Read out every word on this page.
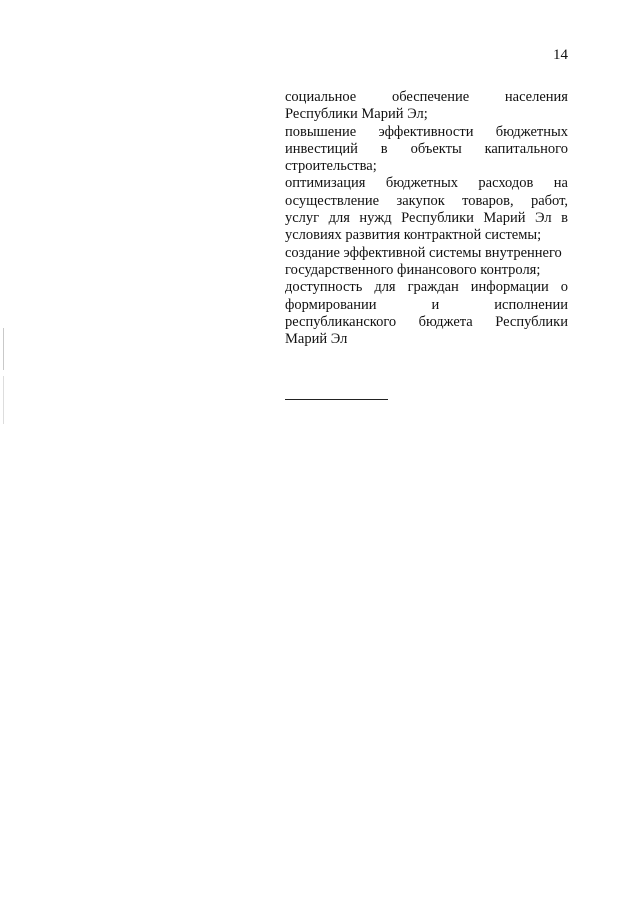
14
социальное обеспечение населения
Республики Марий Эл;
повышение эффективности бюджетных
инвестиций в объекты капитального
строительства;
оптимизация бюджетных расходов на
осуществление закупок товаров, работ,
услуг для нужд Республики Марий Эл в
условиях развития контрактной системы;
создание эффективной системы внутреннего
государственного финансового контроля;
доступность для граждан информации о
формировании	и	исполнении
республиканского бюджета Республики
Марий Эл
